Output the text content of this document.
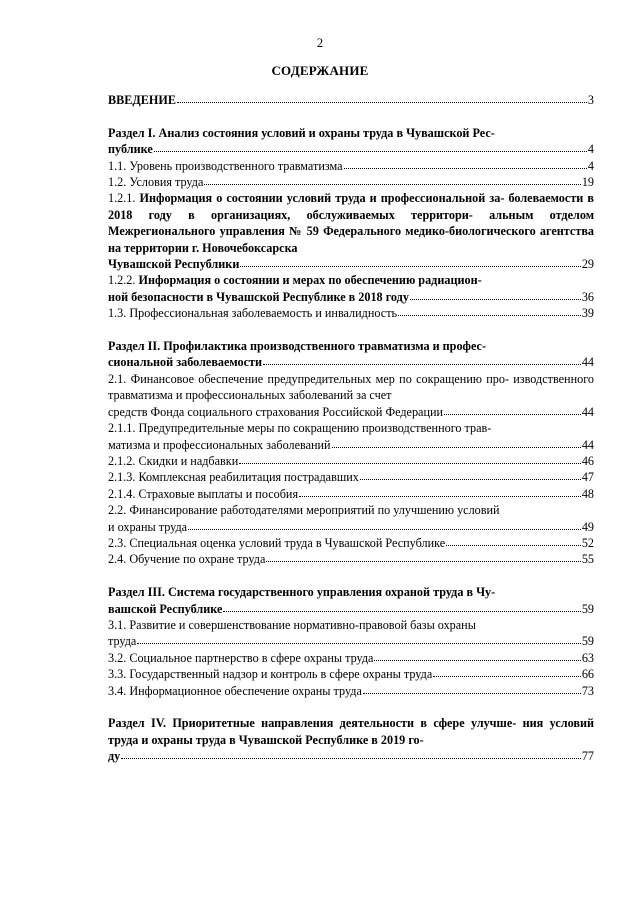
2
СОДЕРЖАНИЕ
ВВЕДЕНИЕ	3
Раздел I. Анализ состояния условий и охраны труда в Чувашской Рес-
публике	4
1.1. Уровень производственного травматизма	4
1.2. Условия труда	19
1.2.1. Информация о состоянии условий труда и профессиональной за- болеваемости в 2018 году в организациях, обслуживаемых территори- альным отделом Межрегионального управления № 59 Федерального медико-биологического агентства на территории г. Новочебоксарска
Чувашской Республики	29
1.2.2. Информация о состоянии и мерах по обеспечению радиацион-
ной безопасности в Чувашской Республике в 2018 году	36
1.3. Профессиональная заболеваемость и инвалидность	39
Раздел II. Профилактика производственного травматизма и профес-
сиональной заболеваемости	44
2.1. Финансовое обеспечение предупредительных мер по сокращению про- изводственного травматизма и профессиональных заболеваний за счет
средств Фонда социального страхования Российской Федерации	44
2.1.1. Предупредительные меры по сокращению производственного трав-
матизма и профессиональных заболеваний	44
2.1.2. Скидки и надбавки	46
2.1.3. Комплексная реабилитация пострадавших	47
2.1.4. Страховые выплаты и пособия	48
2.2. Финансирование работодателями мероприятий по улучшению условий
и охраны труда	49
2.3. Специальная оценка условий труда в Чувашской Республике	52
2.4. Обучение по охране труда	55
Раздел III. Система государственного управления охраной труда в Чу-
вашской Республике	59
3.1. Развитие и совершенствование нормативно-правовой базы охраны
труда	59
3.2. Социальное партнерство в сфере охраны труда	63
3.3. Государственный надзор и контроль в сфере охраны труда	66
3.4. Информационное обеспечение охраны труда	73
Раздел IV. Приоритетные направления деятельности в сфере улучше- ния условий труда и охраны труда в Чувашской Республике в 2019 го-
ду	77
